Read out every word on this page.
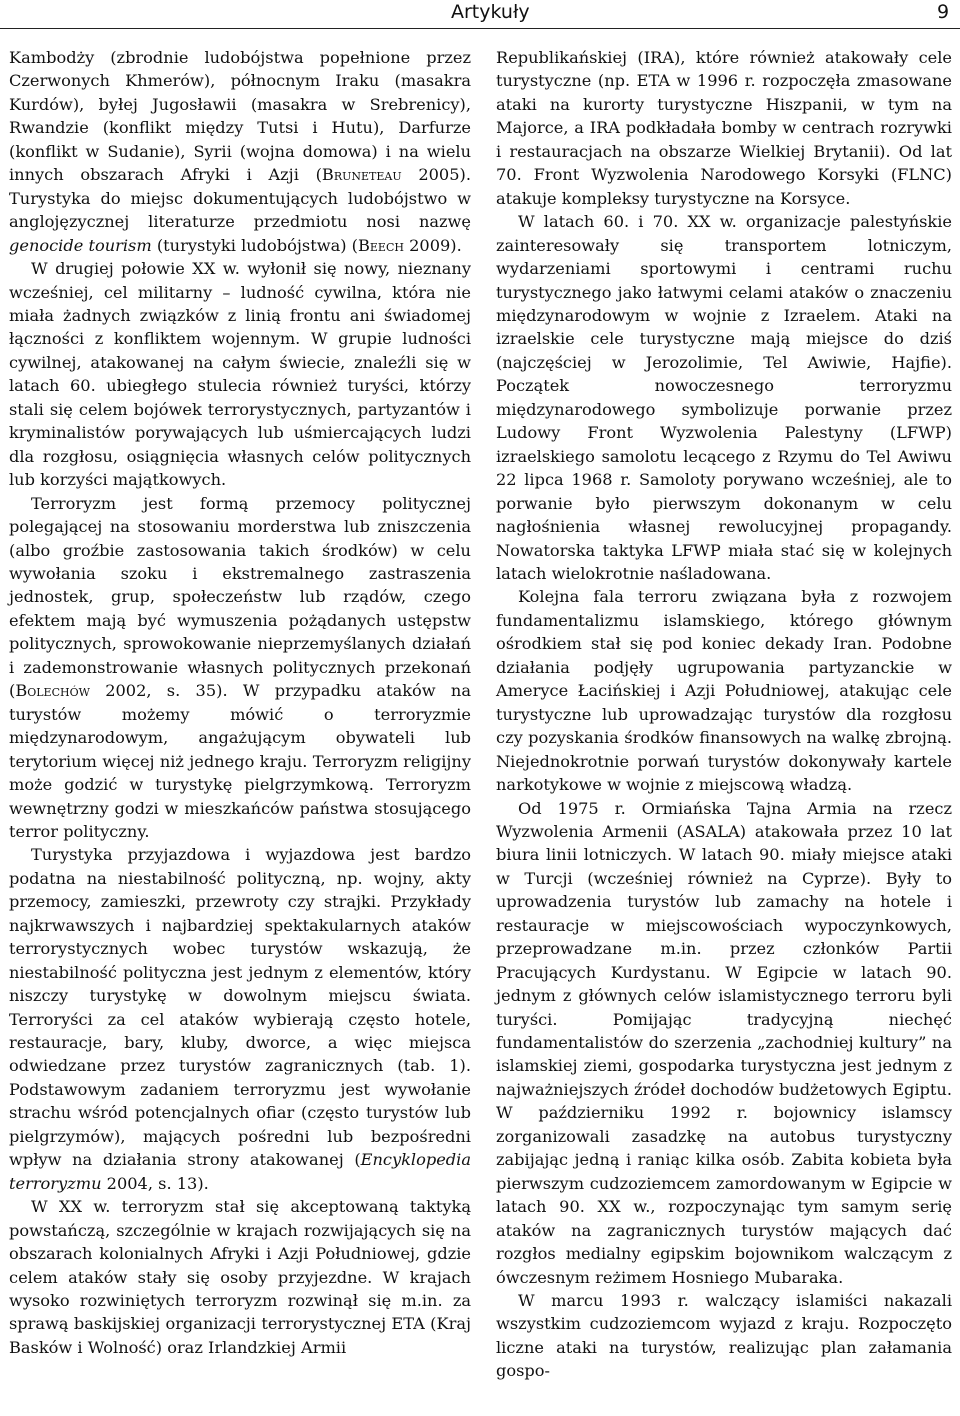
Artykuły	9

Kambodży (zbrodnie ludobójstwa popełnione przez Czerwonych Khmerów), północnym Iraku (masakra Kurdów), byłej Jugosławii (masakra w Srebrenicy), Rwandzie (konflikt między Tutsi i Hutu), Darfurze (konflikt w Sudanie), Syrii (wojna domowa) i na wielu innych obszarach Afryki i Azji (Bruneteau 2005). Turystyka do miejsc dokumentujących ludobójstwo w anglojęzycznej literaturze przedmiotu nosi nazwę genocide tourism (turystyki ludobójstwa) (Beech 2009).

W drugiej połowie XX w. wyłonił się nowy, nieznany wcześniej, cel militarny – ludność cywilna, która nie miała żadnych związków z linią frontu ani świadomej łączności z konfliktem wojennym. W grupie ludności cywilnej, atakowanej na całym świecie, znaleźli się w latach 60. ubiegłego stulecia również turyści, którzy stali się celem bojówek terrorystycznych, partyzantów i kryminalistów porywających lub uśmiercających ludzi dla rozgłosu, osiągnięcia własnych celów politycznych lub korzyści majątkowych.

Terroryzm jest formą przemocy politycznej polegającej na stosowaniu morderstwa lub zniszczenia (albo groźbie zastosowania takich środków) w celu wywołania szoku i ekstremalnego zastraszenia jednostek, grup, społeczeństw lub rządów, czego efektem mają być wymuszenia pożądanych ustępstw politycznych, sprowokowanie nieprzemyślanych działań i zademonstrowanie własnych politycznych przekonań (Bolechów 2002, s. 35). W przypadku ataków na turystów możemy mówić o terroryzmie międzynarodowym, angażującym obywateli lub terytorium więcej niż jednego kraju. Terroryzm religijny może godzić w turystykę pielgrzymkową. Terroryzm wewnętrzny godzi w mieszkańców państwa stosującego terror polityczny.

Turystyka przyjazdowa i wyjazdowa jest bardzo podatna na niestabilność polityczną, np. wojny, akty przemocy, zamieszki, przewroty czy strajki. Przykłady najkrwawszych i najbardziej spektakularnych ataków terrorystycznych wobec turystów wskazują, że niestabilność polityczna jest jednym z elementów, który niszczy turystykę w dowolnym miejscu świata. Terroryści za cel ataków wybierają często hotele, restauracje, bary, kluby, dworce, a więc miejsca odwiedzane przez turystów zagranicznych (tab. 1). Podstawowym zadaniem terroryzmu jest wywołanie strachu wśród potencjalnych ofiar (często turystów lub pielgrzymów), mających pośredni lub bezpośredni wpływ na działania strony atakowanej (Encyklopedia terroryzmu 2004, s. 13).

W XX w. terroryzm stał się akceptowaną taktyką powstańczą, szczególnie w krajach rozwijających się na obszarach kolonialnych Afryki i Azji Południowej, gdzie celem ataków stały się osoby przyjezdne. W krajach wysoko rozwiniętych terroryzm rozwinął się m.in. za sprawą baskijskiej organizacji terrorystycznej ETA (Kraj Basków i Wolność) oraz Irlandzkiej Armii

Republikańskiej (IRA), które również atakowały cele turystyczne (np. ETA w 1996 r. rozpoczęła zmasowane ataki na kurorty turystyczne Hiszpanii, w tym na Majorce, a IRA podkładała bomby w centrach rozrywki i restauracjach na obszarze Wielkiej Brytanii). Od lat 70. Front Wyzwolenia Narodowego Korsyki (FLNC) atakuje kompleksy turystyczne na Korsyce.

W latach 60. i 70. XX w. organizacje palestyńskie zainteresowały się transportem lotniczym, wydarzeniami sportowymi i centrami ruchu turystycznego jako łatwymi celami ataków o znaczeniu międzynarodowym w wojnie z Izraelem. Ataki na izraelskie cele turystyczne mają miejsce do dziś (najczęściej w Jerozolimie, Tel Awiwie, Hajfie). Początek nowoczesnego terroryzmu międzynarodowego symbolizuje porwanie przez Ludowy Front Wyzwolenia Palestyny (LFWP) izraelskiego samolotu lecącego z Rzymu do Tel Awiwu 22 lipca 1968 r. Samoloty porywano wcześniej, ale to porwanie było pierwszym dokonanym w celu nagłośnienia własnej rewolucyjnej propagandy. Nowatorska taktyka LFWP miała stać się w kolejnych latach wielokrotnie naśladowana.

Kolejna fala terroru związana była z rozwojem fundamentalizmu islamskiego, którego głównym ośrodkiem stał się pod koniec dekady Iran. Podobne działania podjęły ugrupowania partyzanckie w Ameryce Łacińskiej i Azji Południowej, atakując cele turystyczne lub uprowadzając turystów dla rozgłosu czy pozyskania środków finansowych na walkę zbrojną. Niejednokrotnie porwań turystów dokonywały kartele narkotykowe w wojnie z miejscową władzą.

Od 1975 r. Ormiańska Tajna Armia na rzecz Wyzwolenia Armenii (ASALA) atakowała przez 10 lat biura linii lotniczych. W latach 90. miały miejsce ataki w Turcji (wcześniej również na Cyprze). Były to uprowadzenia turystów lub zamachy na hotele i restauracje w miejscowościach wypoczynkowych, przeprowadzane m.in. przez członków Partii Pracujących Kurdystanu. W Egipcie w latach 90. jednym z głównych celów islamistycznego terroru byli turyści. Pomijając tradycyjną niechęć fundamentalistów do szerzenia „zachodniej kultury” na islamskiej ziemi, gospodarka turystyczna jest jednym z najważniejszych źródeł dochodów budżetowych Egiptu. W październiku 1992 r. bojownicy islamscy zorganizowali zasadzkę na autobus turystyczny zabijając jedną i raniąc kilka osób. Zabita kobieta była pierwszym cudzoziemcem zamordowanym w Egipcie w latach 90. XX w., rozpoczynając tym samym serię ataków na zagranicznych turystów mających dać rozgłos medialny egipskim bojownikom walczącym z ówczesnym reżimem Hosniego Mubaraka.

W marcu 1993 r. walczący islamiści nakazali wszystkim cudzoziemcom wyjazd z kraju. Rozpoczęto liczne ataki na turystów, realizując plan załamania gospo-
